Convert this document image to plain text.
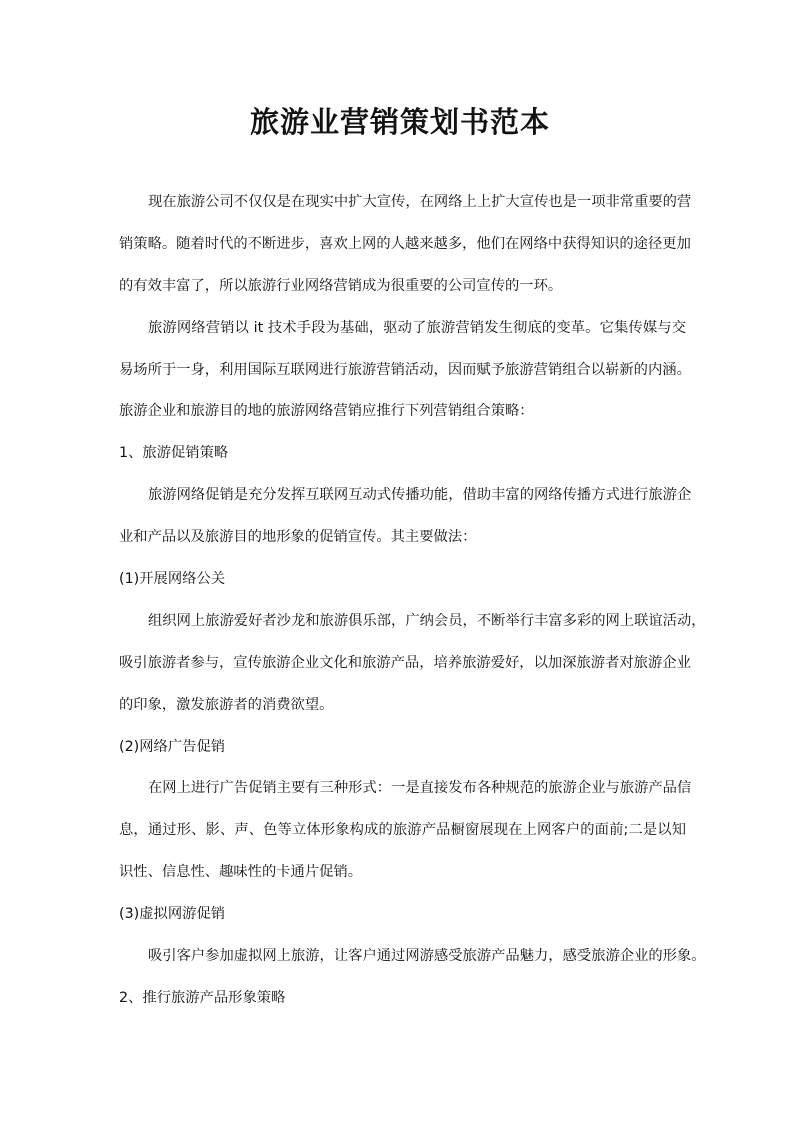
旅游业营销策划书范本
现在旅游公司不仅仅是在现实中扩大宣传，在网络上上扩大宣传也是一项非常重要的营
销策略。随着时代的不断进步，喜欢上网的人越来越多，他们在网络中获得知识的途径更加
的有效丰富了，所以旅游行业网络营销成为很重要的公司宣传的一环。
旅游网络营销以 it 技术手段为基础，驱动了旅游营销发生彻底的变革。它集传媒与交
易场所于一身，利用国际互联网进行旅游营销活动，因而赋予旅游营销组合以崭新的内涵。
旅游企业和旅游目的地的旅游网络营销应推行下列营销组合策略：
1、旅游促销策略
旅游网络促销是充分发挥互联网互动式传播功能，借助丰富的网络传播方式进行旅游企
业和产品以及旅游目的地形象的促销宣传。其主要做法：
(1)开展网络公关
组织网上旅游爱好者沙龙和旅游俱乐部，广纳会员，不断举行丰富多彩的网上联谊活动，
吸引旅游者参与，宣传旅游企业文化和旅游产品，培养旅游爱好，以加深旅游者对旅游企业
的印象，激发旅游者的消费欲望。
(2)网络广告促销
在网上进行广告促销主要有三种形式：一是直接发布各种规范的旅游企业与旅游产品信
息，通过形、影、声、色等立体形象构成的旅游产品橱窗展现在上网客户的面前;二是以知
识性、信息性、趣味性的卡通片促销。
(3)虚拟网游促销
吸引客户参加虚拟网上旅游，让客户通过网游感受旅游产品魅力，感受旅游企业的形象。
2、推行旅游产品形象策略
